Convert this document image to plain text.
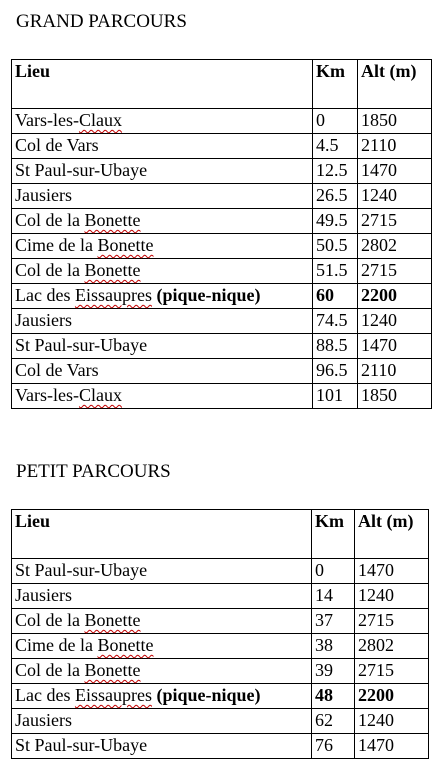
GRAND PARCOURS
Lieu	Km	Alt (m)
Vars-les-Claux	0	1850
Col de Vars	4.5	2110
St Paul-sur-Ubaye	12.5	1470
Jausiers	26.5	1240
Col de la Bonette	49.5	2715
Cime de la Bonette	50.5	2802
Col de la Bonette	51.5	2715
Lac des Eissaupres (pique-nique)	60	2200
Jausiers	74.5	1240
St Paul-sur-Ubaye	88.5	1470
Col de Vars	96.5	2110
Vars-les-Claux	101	1850
PETIT PARCOURS
Lieu	Km	Alt (m)
St Paul-sur-Ubaye	0	1470
Jausiers	14	1240
Col de la Bonette	37	2715
Cime de la Bonette	38	2802
Col de la Bonette	39	2715
Lac des Eissaupres (pique-nique)	48	2200
Jausiers	62	1240
St Paul-sur-Ubaye	76	1470
